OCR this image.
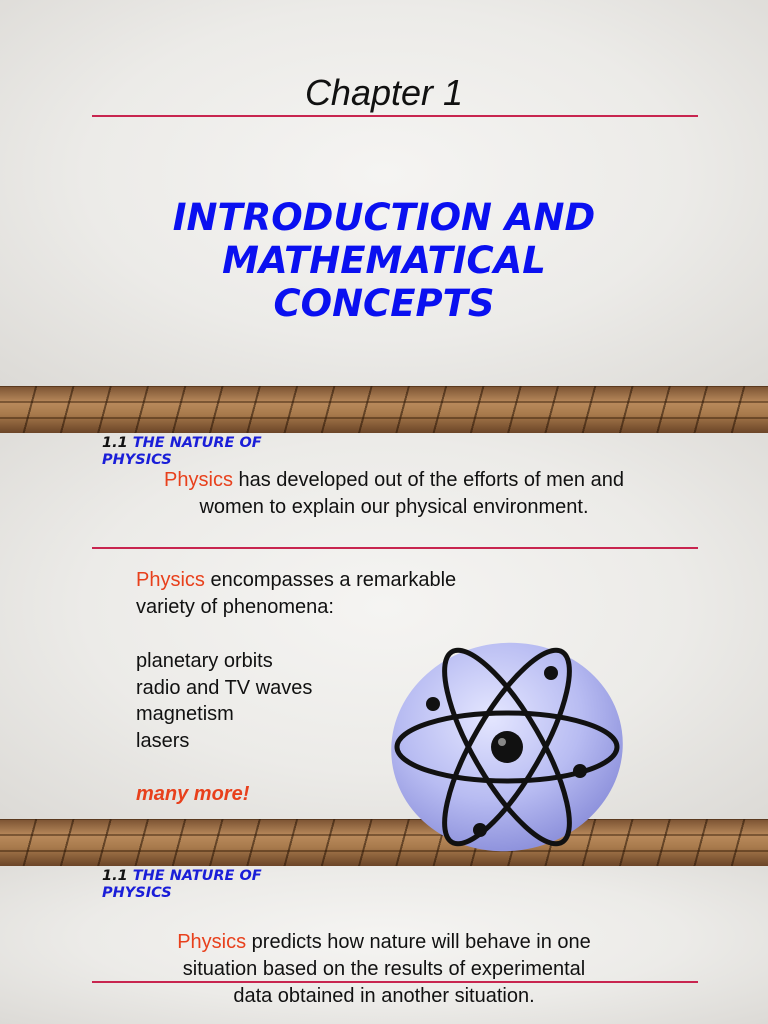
Chapter 1
INTRODUCTION AND
MATHEMATICAL
CONCEPTS
1.1 THE NATURE OF
PHYSICS
Physics has developed out of the efforts of men and women to explain our physical environment.
Physics encompasses a remarkable variety of phenomena:
planetary orbits
radio and TV waves
magnetism
lasers
many more!
1.1 THE NATURE OF
PHYSICS
Physics predicts how nature will behave in one situation based on the results of experimental data obtained in another situation.
